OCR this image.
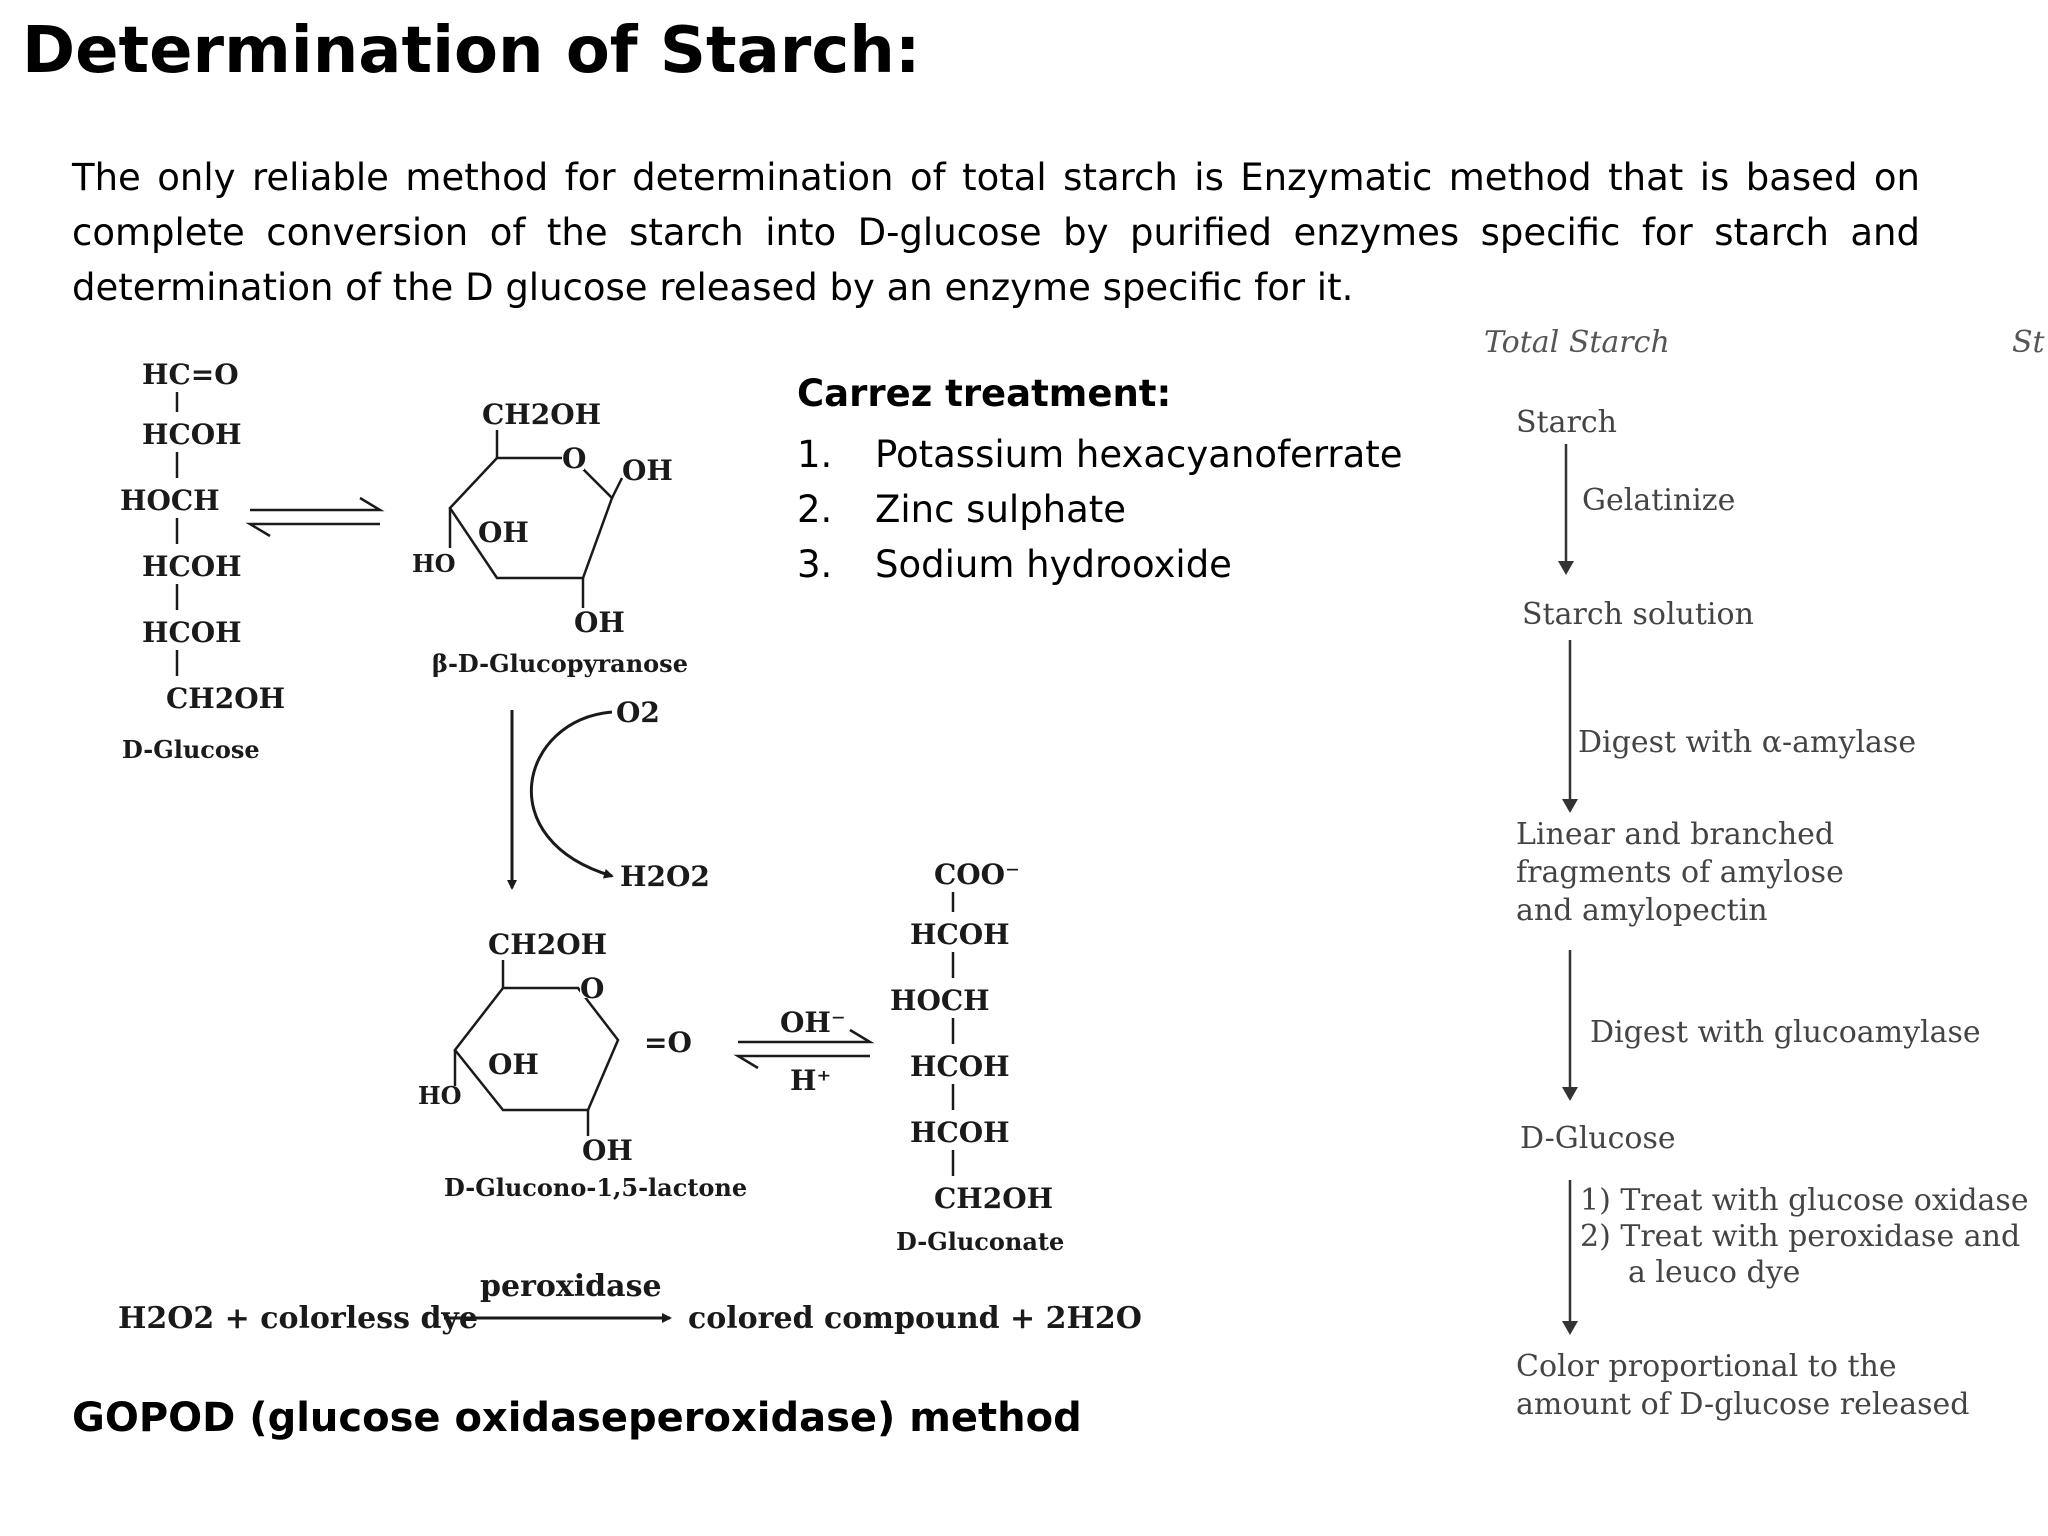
Determination of Starch:
The only reliable method for determination of total starch is Enzymatic method that is based on complete conversion of the starch into D-glucose by purified enzymes specific for starch and determination of the D glucose released by an enzyme specific for it.
Carrez treatment:
1. Potassium hexacyanoferrate
2. Zinc sulphate
3. Sodium hydrooxide
GOPOD (glucose oxidaseperoxidase) method
HC=O
HCOH
HOCH
HCOH
HCOH
CH2OH
D-Glucose
O
CH2OH
OH
OH
HO
OH
β-D-Glucopyranose
O2
H2O2
O
CH2OH
=O
OH
HO
OH
D-Glucono-1,5-lactone
OH⁻
H⁺
COO⁻
HCOH
HOCH
HCOH
HCOH
CH2OH
D-Gluconate
H2O2 + colorless dye
peroxidase
colored compound + 2H2O
Total Starch	St
Starch
Gelatinize
Starch solution
Digest with α-amylase
Linear and branched
fragments of amylose
and amylopectin
Digest with glucoamylase
D-Glucose
1) Treat with glucose oxidase
2) Treat with peroxidase and
a leuco dye
Color proportional to the
amount of D-glucose released
